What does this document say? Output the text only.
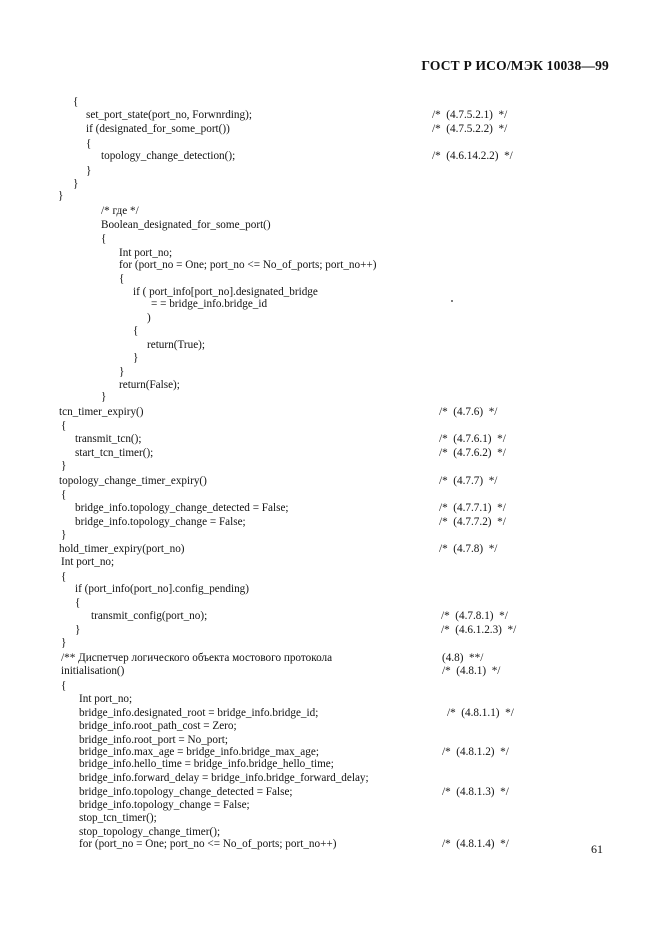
ГОСТ Р ИСО/МЭК 10038—99
{
set_port_state(port_no, Forwnrding);	/*  (4.7.5.2.1)  */
if (designated_for_some_port())	/*  (4.7.5.2.2)  */
{
topology_change_detection();	/*  (4.6.14.2.2)  */
}
}
}
/* где */
Boolean_designated_for_some_port()
{
Int port_no;
for (port_no = One; port_no <= No_of_ports; port_no++)
{
if ( port_info[port_no].designated_bridge
= = bridge_info.bridge_id
)
{
return(True);
}
}
return(False);
}
tcn_timer_expiry()	/*  (4.7.6)  */
{
transmit_tcn();	/*  (4.7.6.1)  */
start_tcn_timer();	/*  (4.7.6.2)  */
}
topology_change_timer_expiry()	/*  (4.7.7)  */
{
bridge_info.topology_change_detected = False;	/*  (4.7.7.1)  */
bridge_info.topology_change = False;	/*  (4.7.7.2)  */
}
hold_timer_expiry(port_no)	/*  (4.7.8)  */
Int port_no;
{
if (port_info(port_no].config_pending)
{
transmit_config(port_no);	/*  (4.7.8.1)  */
}	/*  (4.6.1.2.3)  */
}
/** Диспетчер логического объекта мостового протокола	(4.8)  **/
initialisation()	/*  (4.8.1)  */
{
Int port_no;
bridge_info.designated_root = bridge_info.bridge_id;	/*  (4.8.1.1)  */
bridge_info.root_path_cost = Zero;
bridge_info.root_port = No_port;
bridge_info.max_age = bridge_info.bridge_max_age;	/*  (4.8.1.2)  */
bridge_info.hello_time = bridge_info.bridge_hello_time;
bridge_info.forward_delay = bridge_info.bridge_forward_delay;
bridge_info.topology_change_detected = False;	/*  (4.8.1.3)  */
bridge_info.topology_change = False;
stop_tcn_timer();
stop_topology_change_timer();
for (port_no = One; port_no <= No_of_ports; port_no++)	/*  (4.8.1.4)  */	61
